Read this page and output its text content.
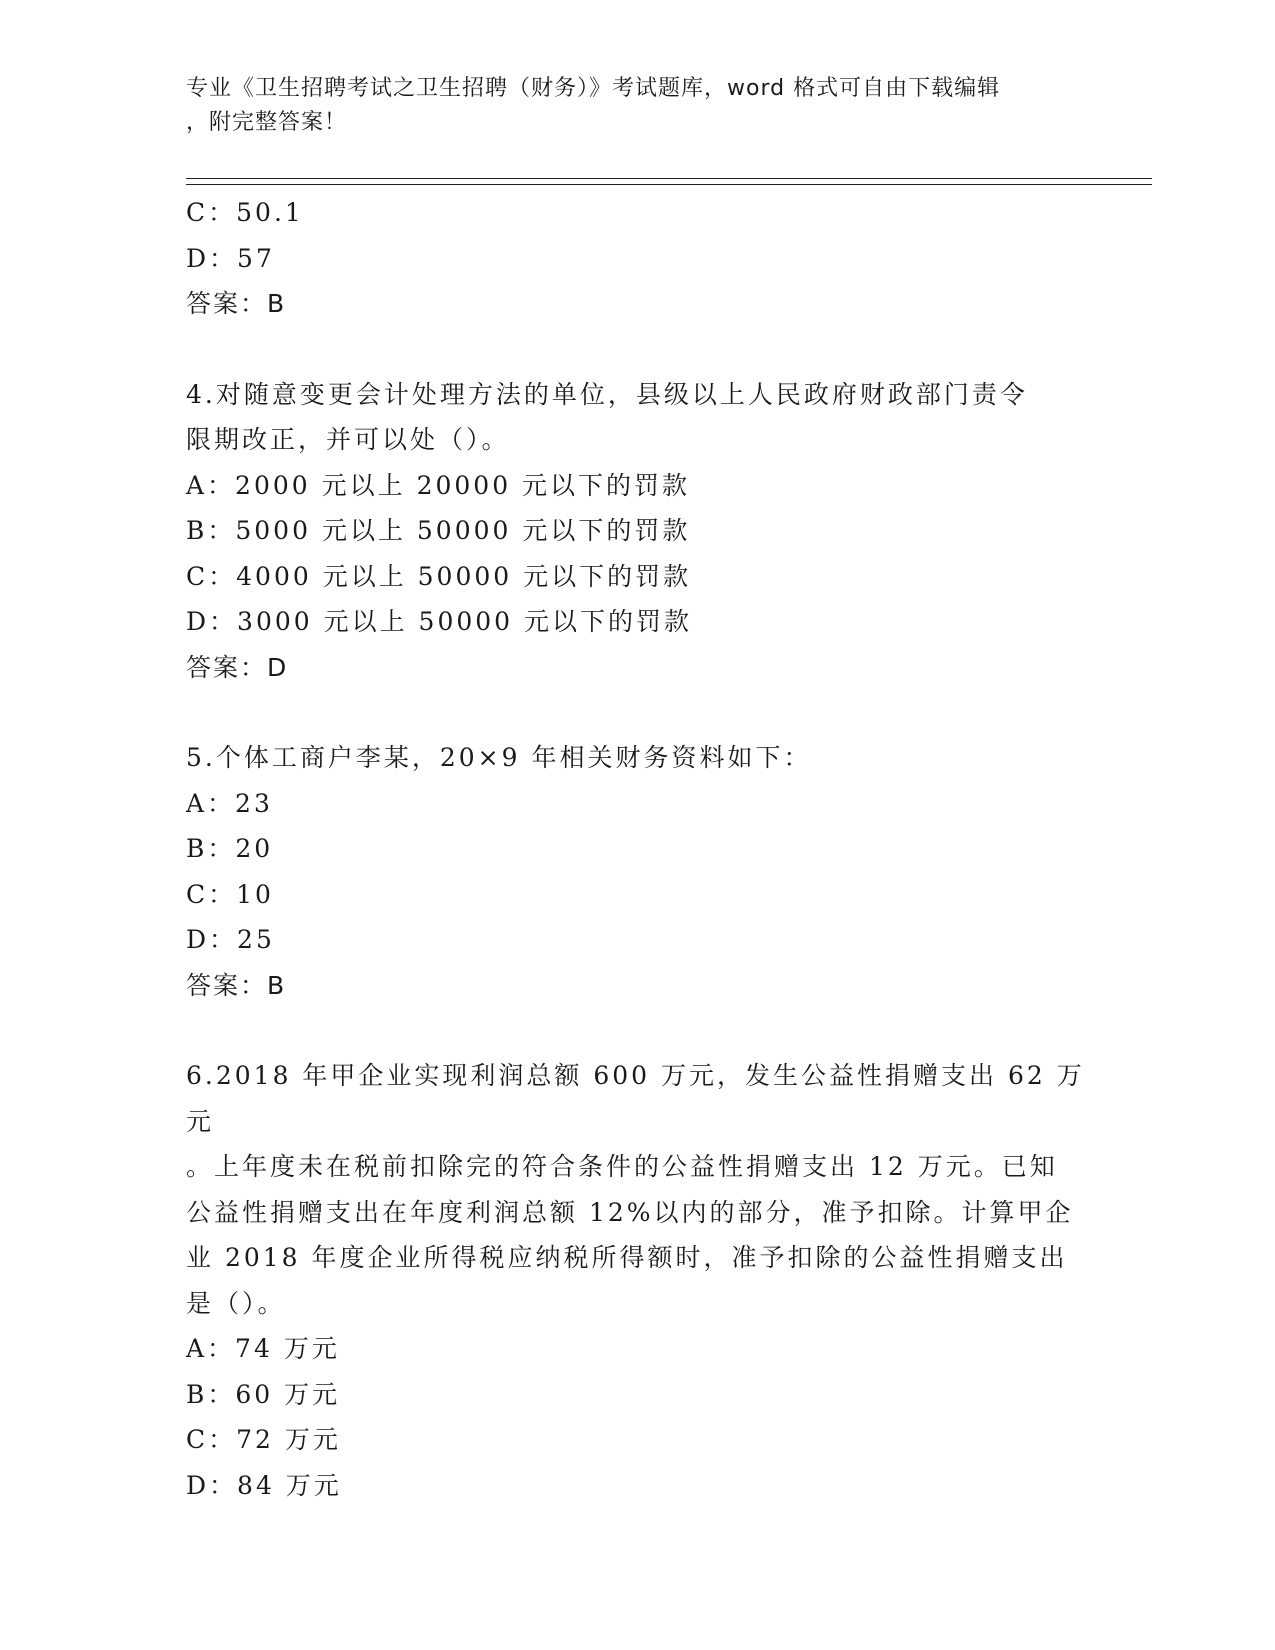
专业《卫生招聘考试之卫生招聘（财务）》考试题库，word 格式可自由下载编辑
，附完整答案！
C：50.1
D：57
答案：B
4.对随意变更会计处理方法的单位，县级以上人民政府财政部门责令
限期改正，并可以处（）。
A：2000 元以上 20000 元以下的罚款
B：5000 元以上 50000 元以下的罚款
C：4000 元以上 50000 元以下的罚款
D：3000 元以上 50000 元以下的罚款
答案：D
5.个体工商户李某，20×9 年相关财务资料如下：
A：23
B：20
C：10
D：25
答案：B
6.2018 年甲企业实现利润总额 600 万元，发生公益性捐赠支出 62 万元
。上年度未在税前扣除完的符合条件的公益性捐赠支出 12 万元。已知
公益性捐赠支出在年度利润总额 12%以内的部分，准予扣除。计算甲企
业 2018 年度企业所得税应纳税所得额时，准予扣除的公益性捐赠支出
是（）。
A：74 万元
B：60 万元
C：72 万元
D：84 万元
